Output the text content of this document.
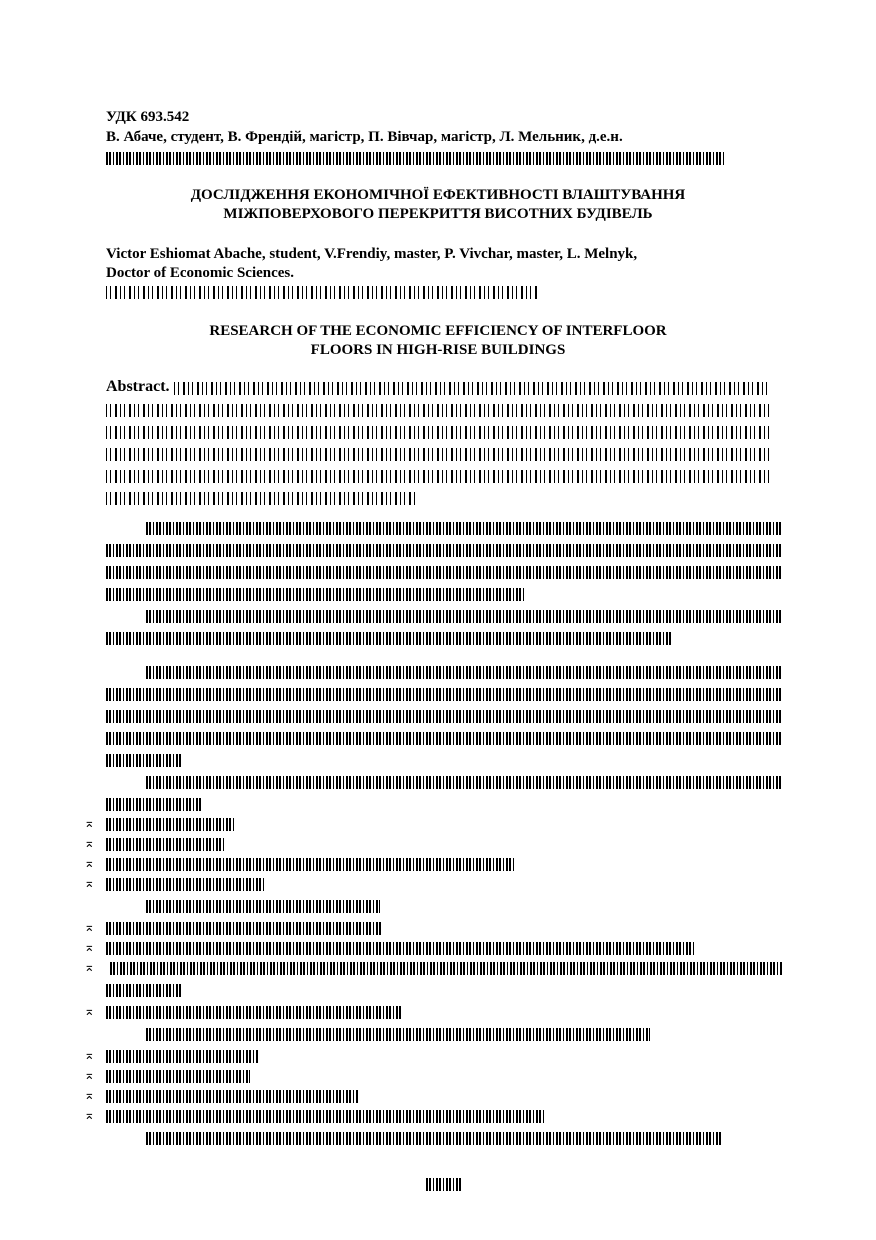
УДК 693.542
В. Абаче, студент, В. Френдій, магістр, П. Вівчар, магістр, Л. Мельник, д.е.н.
ДОСЛІДЖЕННЯ ЕКОНОМІЧНОЇ ЕФЕКТИВНОСТІ ВЛАШТУВАННЯ
МІЖПОВЕРХОВОГО ПЕРЕКРИТТЯ ВИСОТНИХ БУДІВЕЛЬ
Victor Eshiomat Abache, student, V.Frendiy, master, P. Vivchar, master, L. Melnyk,
Doctor of Economic Sciences.
RESEARCH OF THE ECONOMIC EFFICIENCY OF INTERFLOOR
FLOORS IN HIGH-RISE BUILDINGS
Abstract.
⌅
⌅
⌅
⌅
⌅
⌅
⌅
⌅
⌅
⌅
⌅
⌅
